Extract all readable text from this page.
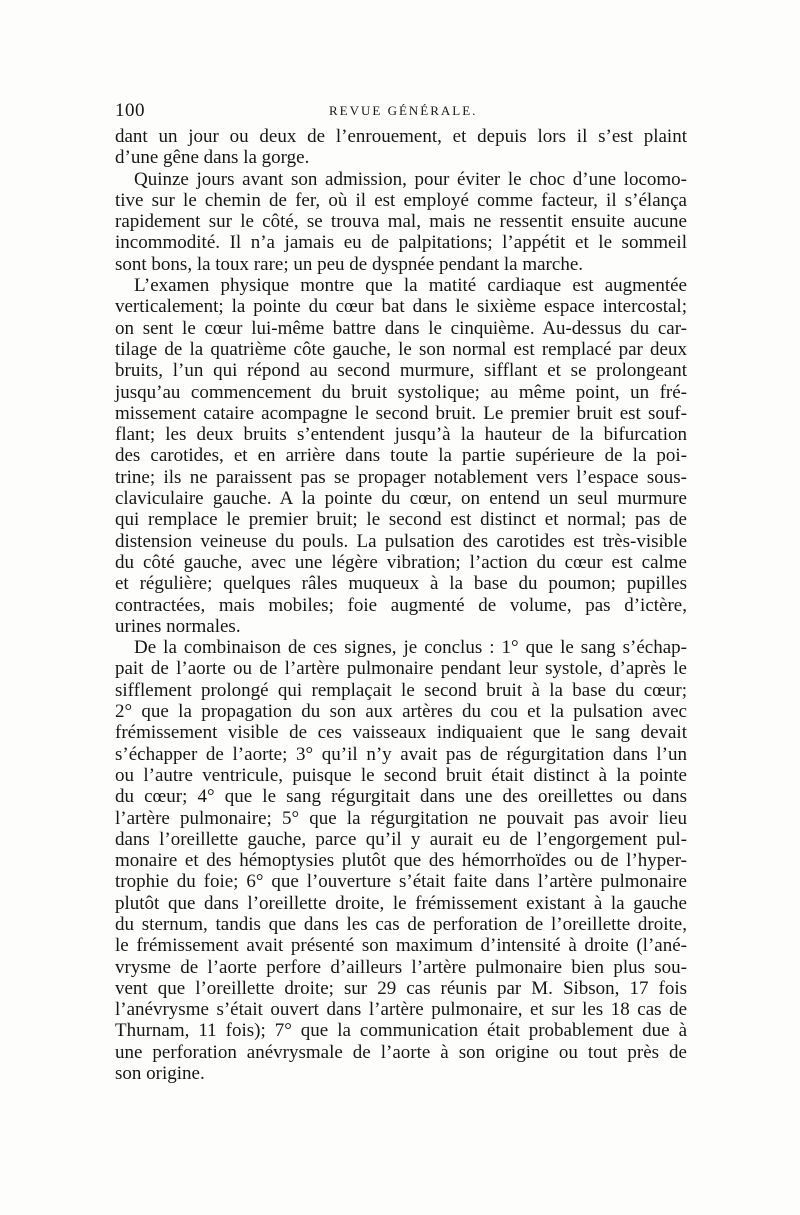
100	REVUE GÉNÉRALE.
dant un jour ou deux de l’enrouement, et depuis lors il s’est plaint
d’une gêne dans la gorge.
Quinze jours avant son admission, pour éviter le choc d’une locomo-
tive sur le chemin de fer, où il est employé comme facteur, il s’élança
rapidement sur le côté, se trouva mal, mais ne ressentit ensuite aucune
incommodité. Il n’a jamais eu de palpitations; l’appétit et le sommeil
sont bons, la toux rare; un peu de dyspnée pendant la marche.
L’examen physique montre que la matité cardiaque est augmentée
verticalement; la pointe du cœur bat dans le sixième espace intercostal;
on sent le cœur lui-même battre dans le cinquième. Au-dessus du car-
tilage de la quatrième côte gauche, le son normal est remplacé par deux
bruits, l’un qui répond au second murmure, sifflant et se prolongeant
jusqu’au commencement du bruit systolique; au même point, un fré-
missement cataire acompagne le second bruit. Le premier bruit est souf-
flant; les deux bruits s’entendent jusqu’à la hauteur de la bifurcation
des carotides, et en arrière dans toute la partie supérieure de la poi-
trine; ils ne paraissent pas se propager notablement vers l’espace sous-
claviculaire gauche. A la pointe du cœur, on entend un seul murmure
qui remplace le premier bruit; le second est distinct et normal; pas de
distension veineuse du pouls. La pulsation des carotides est très-visible
du côté gauche, avec une légère vibration; l’action du cœur est calme
et régulière; quelques râles muqueux à la base du poumon; pupilles
contractées, mais mobiles; foie augmenté de volume, pas d’ictère,
urines normales.
De la combinaison de ces signes, je conclus : 1° que le sang s’échap-
pait de l’aorte ou de l’artère pulmonaire pendant leur systole, d’après le
sifflement prolongé qui remplaçait le second bruit à la base du cœur;
2° que la propagation du son aux artères du cou et la pulsation avec
frémissement visible de ces vaisseaux indiquaient que le sang devait
s’échapper de l’aorte; 3° qu’il n’y avait pas de régurgitation dans l’un
ou l’autre ventricule, puisque le second bruit était distinct à la pointe
du cœur; 4° que le sang régurgitait dans une des oreillettes ou dans
l’artère pulmonaire; 5° que la régurgitation ne pouvait pas avoir lieu
dans l’oreillette gauche, parce qu’il y aurait eu de l’engorgement pul-
monaire et des hémoptysies plutôt que des hémorrhoïdes ou de l’hyper-
trophie du foie; 6° que l’ouverture s’était faite dans l’artère pulmonaire
plutôt que dans l’oreillette droite, le frémissement existant à la gauche
du sternum, tandis que dans les cas de perforation de l’oreillette droite,
le frémissement avait présenté son maximum d’intensité à droite (l’ané-
vrysme de l’aorte perfore d’ailleurs l’artère pulmonaire bien plus sou-
vent que l’oreillette droite; sur 29 cas réunis par M. Sibson, 17 fois
l’anévrysme s’était ouvert dans l’artère pulmonaire, et sur les 18 cas de
Thurnam, 11 fois); 7° que la communication était probablement due à
une perforation anévrysmale de l’aorte à son origine ou tout près de
son origine.
